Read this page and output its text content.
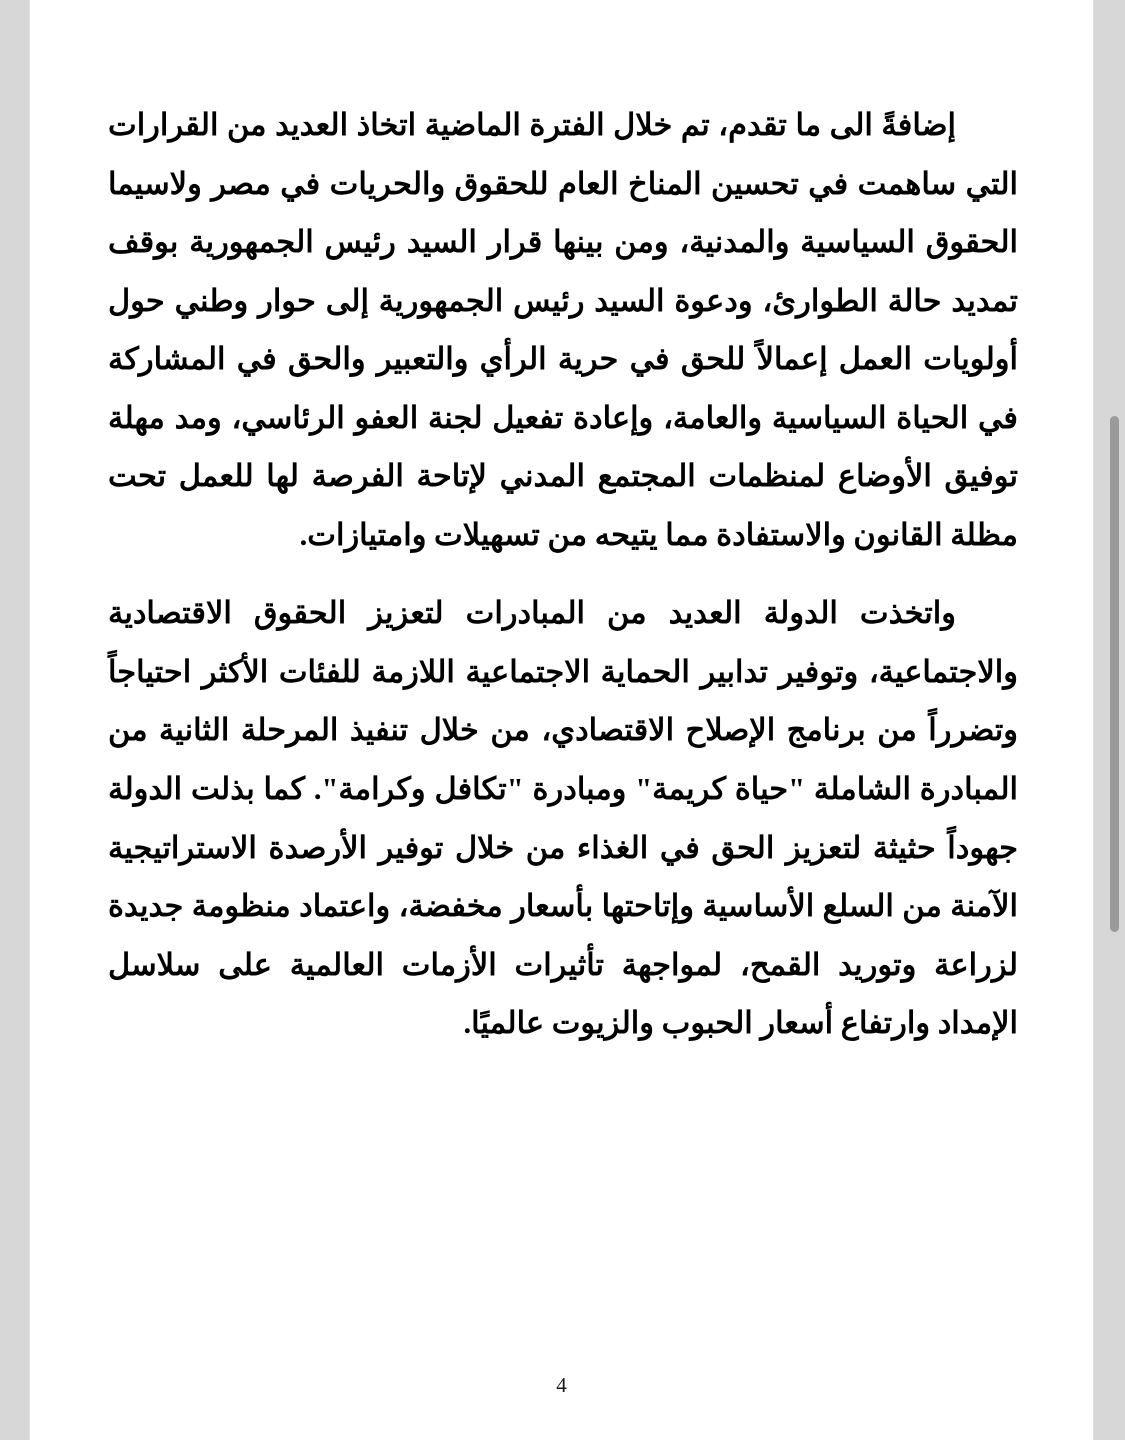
إضافةً الى ما تقدم، تم خلال الفترة الماضية اتخاذ العديد من القرارات التي ساهمت في تحسين المناخ العام للحقوق والحريات في مصر ولاسيما الحقوق السياسية والمدنية، ومن بينها قرار السيد رئيس الجمهورية بوقف تمديد حالة الطوارئ، ودعوة السيد رئيس الجمهورية إلى حوار وطني حول أولويات العمل إعمالاً للحق في حرية الرأي والتعبير والحق في المشاركة في الحياة السياسية والعامة، وإعادة تفعيل لجنة العفو الرئاسي، ومد مهلة توفيق الأوضاع لمنظمات المجتمع المدني لإتاحة الفرصة لها للعمل تحت مظلة القانون والاستفادة مما يتيحه من تسهيلات وامتيازات.

واتخذت الدولة العديد من المبادرات لتعزيز الحقوق الاقتصادية والاجتماعية، وتوفير تدابير الحماية الاجتماعية اللازمة للفئات الأكثر احتياجاً وتضرراً من برنامج الإصلاح الاقتصادي، من خلال تنفيذ المرحلة الثانية من المبادرة الشاملة "حياة كريمة" ومبادرة "تكافل وكرامة". كما بذلت الدولة جهوداً حثيثة لتعزيز الحق في الغذاء من خلال توفير الأرصدة الاستراتيجية الآمنة من السلع الأساسية وإتاحتها بأسعار مخفضة، واعتماد منظومة جديدة لزراعة وتوريد القمح، لمواجهة تأثيرات الأزمات العالمية على سلاسل الإمداد وارتفاع أسعار الحبوب والزيوت عالميًا.

4
